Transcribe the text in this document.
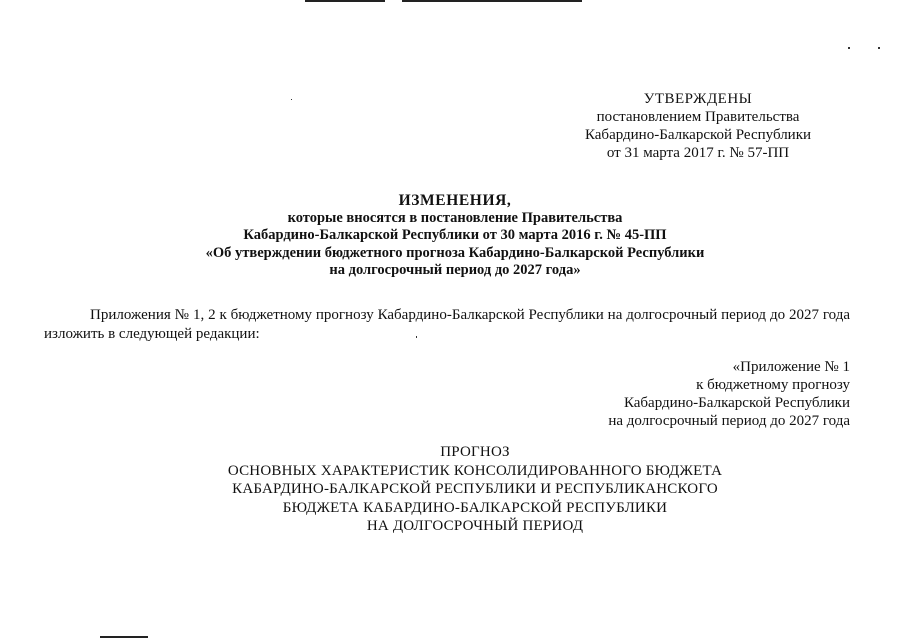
УТВЕРЖДЕНЫ
постановлением Правительства
Кабардино-Балкарской Республики
от 31 марта 2017 г. № 57-ПП
ИЗМЕНЕНИЯ,
которые вносятся в постановление Правительства
Кабардино-Балкарской Республики от 30 марта 2016 г. № 45-ПП
«Об утверждении бюджетного прогноза Кабардино-Балкарской Республики
на долгосрочный период до 2027 года»
Приложения № 1, 2 к бюджетному прогнозу Кабардино-Балкарской Республики на долгосрочный период до 2027 года изложить в следующей редакции:
«Приложение № 1
к бюджетному прогнозу
Кабардино-Балкарской Республики
на долгосрочный период до 2027 года
ПРОГНОЗ
ОСНОВНЫХ ХАРАКТЕРИСТИК КОНСОЛИДИРОВАННОГО БЮДЖЕТА
КАБАРДИНО-БАЛКАРСКОЙ РЕСПУБЛИКИ И РЕСПУБЛИКАНСКОГО
БЮДЖЕТА КАБАРДИНО-БАЛКАРСКОЙ РЕСПУБЛИКИ
НА ДОЛГОСРОЧНЫЙ ПЕРИОД
